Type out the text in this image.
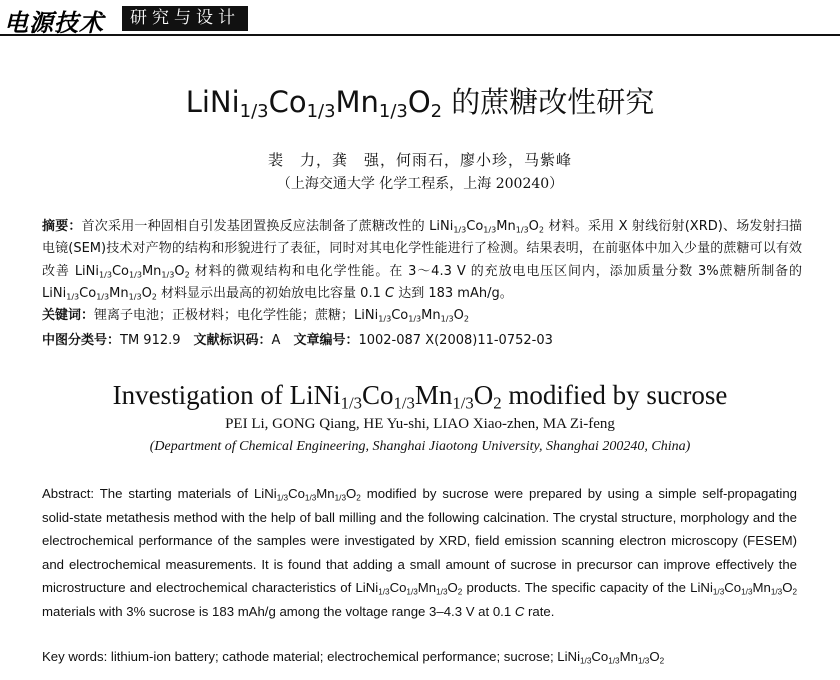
电源技术	研究与设计
$LiNi_{1/3}Co_{1/3}Mn_{1/3}O_2$ 的蔗糖改性研究
裴　力，龚　强，何雨石，廖小珍，马紫峰
（上海交通大学 化学工程系，上海 200240）
摘要：首次采用一种固相自引发基团置换反应法制备了蔗糖改性的 $LiNi_{1/3}Co_{1/3}Mn_{1/3}O_2$ 材料。采用 X 射线衍射(XRD)、场发射扫描电镜(SEM)技术对产物的结构和形貌进行了表征，同时对其电化学性能进行了检测。结果表明，在前驱体中加入少量的蔗糖可以有效改善 $LiNi_{1/3}Co_{1/3}Mn_{1/3}O_2$ 材料的微观结构和电化学性能。在 3～4.3 V 的充放电电压区间内，添加质量分数 3%蔗糖所制备的 $LiNi_{1/3}Co_{1/3}Mn_{1/3}O_2$ 材料显示出最高的初始放电比容量 0.1 C 达到 183 mAh/g。
关键词：锂离子电池；正极材料；电化学性能；蔗糖；$LiNi_{1/3}Co_{1/3}Mn_{1/3}O_2$
中图分类号：TM 912.9  文献标识码：A  文章编号：1002-087 X(2008)11-0752-03
Investigation of $LiNi_{1/3}Co_{1/3}Mn_{1/3}O_2$ modified by sucrose
PEI Li, GONG Qiang, HE Yu-shi, LIAO Xiao-zhen, MA Zi-feng
(Department of Chemical Engineering, Shanghai Jiaotong University, Shanghai 200240, China)
Abstract: The starting materials of $LiNi_{1/3}Co_{1/3}Mn_{1/3}O_2$ modified by sucrose were prepared by using a simple self-propagating solid-state metathesis method with the help of ball milling and the following calcination. The crystal structure, morphology and the electrochemical performance of the samples were investigated by XRD, field emission scanning electron microscopy (FESEM) and electrochemical measurements. It is found that adding a small amount of sucrose in precursor can improve effectively the microstructure and electrochemical characteristics of $LiNi_{1/3}Co_{1/3}Mn_{1/3}O_2$ products. The specific capacity of the $LiNi_{1/3}Co_{1/3}Mn_{1/3}O_2$ materials with 3% sucrose is 183 mAh/g among the voltage range 3–4.3 V at 0.1 C rate.
Key words: lithium-ion battery; cathode material; electrochemical performance; sucrose; $LiNi_{1/3}Co_{1/3}Mn_{1/3}O_2$
